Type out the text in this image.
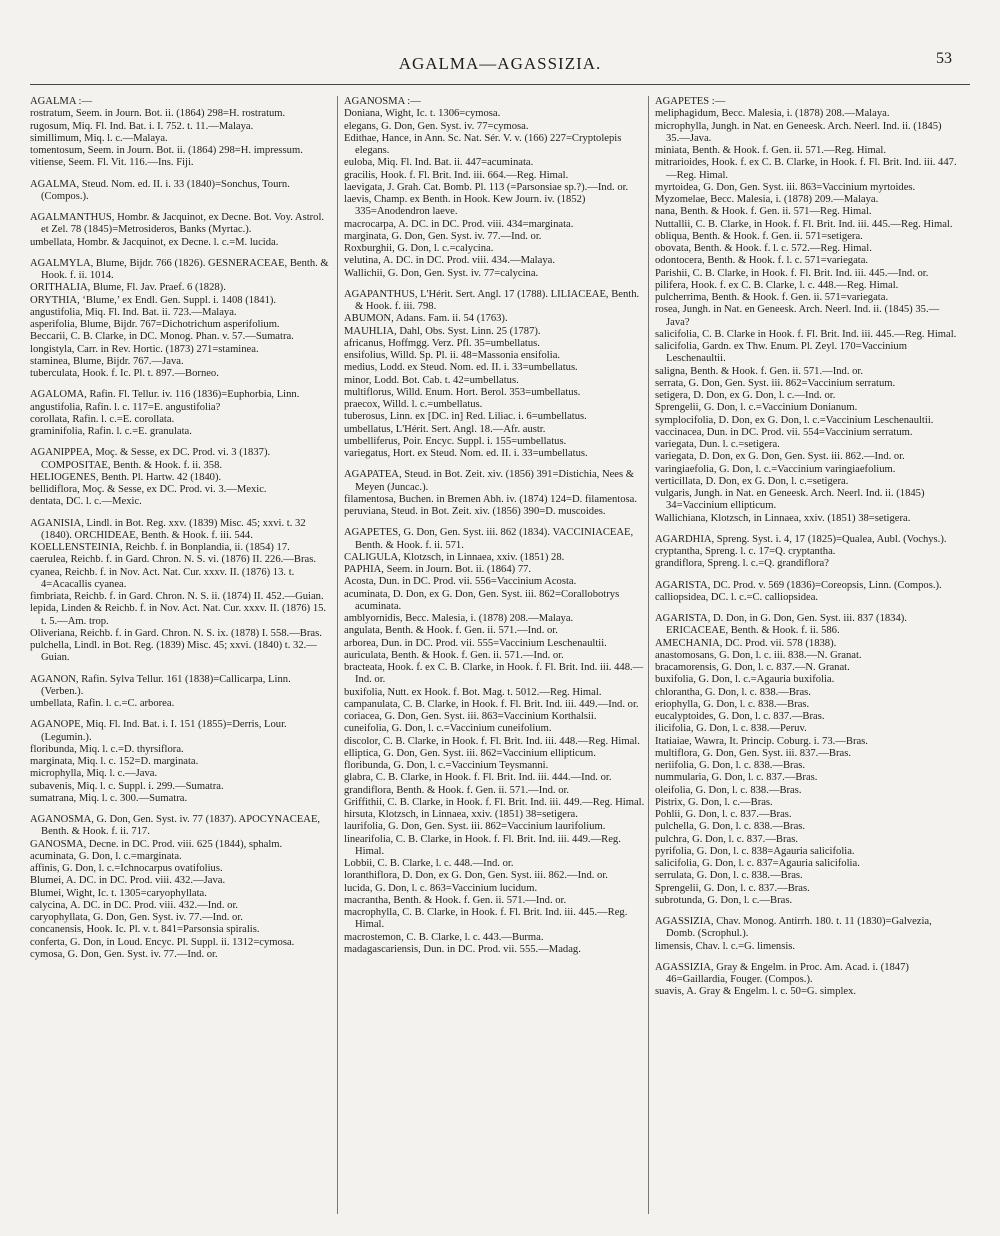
AGALMA—AGASSIZIA.	53
AGALMA :—
rostratum, Seem. in Journ. Bot. ii. (1864) 298=H. rostratum.
rugosum, Miq. Fl. Ind. Bat. i. I. 752. t. 11.—Malaya.
simillimum, Miq. l. c.—Malaya.
tomentosum, Seem. in Journ. Bot. ii. (1864) 298=H. impressum.
vitiense, Seem. Fl. Vit. 116.—Ins. Fiji.
AGALMA, Steud. Nom. ed. II. i. 33 (1840)=Sonchus, Tourn. (Compos.).
AGALMANTHUS, Hombr. & Jacquinot, ex Decne. Bot. Voy. Astrol. et Zel. 78 (1845)=Metrosideros, Banks (Myrtac.).
umbellata, Hombr. & Jacquinot, ex Decne. l. c.=M. lucida.
AGALMYLA, Blume, Bijdr. 766 (1826). GESNERACEAE, Benth. & Hook. f. ii. 1014.
ORITHALIA, Blume, Fl. Jav. Praef. 6 (1828).
ORYTHIA, ‘Blume,’ ex Endl. Gen. Suppl. i. 1408 (1841).
angustifolia, Miq. Fl. Ind. Bat. ii. 723.—Malaya.
asperifolia, Blume, Bijdr. 767=Dichotrichum asperifolium.
Beccarii, C. B. Clarke, in DC. Monog. Phan. v. 57.—Sumatra.
longistyla, Carr. in Rev. Hortic. (1873) 271=staminea.
staminea, Blume, Bijdr. 767.—Java.
tuberculata, Hook. f. Ic. Pl. t. 897.—Borneo.
AGALOMA, Rafin. Fl. Tellur. iv. 116 (1836)=Euphorbia, Linn.
angustifolia, Rafin. l. c. 117=E. angustifolia?
corollata, Rafin. l. c.=E. corollata.
graminifolia, Rafin. l. c.=E. granulata.
AGANIPPEA, Moç. & Sesse, ex DC. Prod. vi. 3 (1837). COMPOSITAE, Benth. & Hook. f. ii. 358.
HELIOGENES, Benth. Pl. Hartw. 42 (1840).
bellidiflora, Moç. & Sesse, ex DC. Prod. vi. 3.—Mexic.
dentata, DC. l. c.—Mexic.
AGANISIA, Lindl. in Bot. Reg. xxv. (1839) Misc. 45; xxvi. t. 32 (1840). ORCHIDEAE, Benth. & Hook. f. iii. 544.
KOELLENSTEINIA, Reichb. f. in Bonplandia, ii. (1854) 17.
caerulea, Reichb. f. in Gard. Chron. N. S. vi. (1876) II. 226.—Bras.
cyanea, Reichb. f. in Nov. Act. Nat. Cur. xxxv. II. (1876) 13. t. 4=Acacallis cyanea.
fimbriata, Reichb. f. in Gard. Chron. N. S. ii. (1874) II. 452.—Guian.
lepida, Linden & Reichb. f. in Nov. Act. Nat. Cur. xxxv. II. (1876) 15. t. 5.—Am. trop.
Oliveriana, Reichb. f. in Gard. Chron. N. S. ix. (1878) I. 558.—Bras.
pulchella, Lindl. in Bot. Reg. (1839) Misc. 45; xxvi. (1840) t. 32.—Guian.
AGANON, Rafin. Sylva Tellur. 161 (1838)=Callicarpa, Linn. (Verben.).
umbellata, Rafin. l. c.=C. arborea.
AGANOPE, Miq. Fl. Ind. Bat. i. I. 151 (1855)=Derris, Lour. (Legumin.).
floribunda, Miq. l. c.=D. thyrsiflora.
marginata, Miq. l. c. 152=D. marginata.
microphylla, Miq. l. c.—Java.
subavenis, Miq. l. c. Suppl. i. 299.—Sumatra.
sumatrana, Miq. l. c. 300.—Sumatra.
AGANOSMA, G. Don, Gen. Syst. iv. 77 (1837). APOCYNACEAE, Benth. & Hook. f. ii. 717.
GANOSMA, Decne. in DC. Prod. viii. 625 (1844), sphalm.
acuminata, G. Don, l. c.=marginata.
affinis, G. Don, l. c.=Ichnocarpus ovatifolius.
Blumei, A. DC. in DC. Prod. viii. 432.—Java.
Blumei, Wight, Ic. t. 1305=caryophyllata.
calycina, A. DC. in DC. Prod. viii. 432.—Ind. or.
caryophyllata, G. Don, Gen. Syst. iv. 77.—Ind. or.
concanensis, Hook. Ic. Pl. v. t. 841=Parsonsia spiralis.
conferta, G. Don, in Loud. Encyc. Pl. Suppl. ii. 1312=cymosa.
cymosa, G. Don, Gen. Syst. iv. 77.—Ind. or.
AGANOSMA :—
Doniana, Wight, Ic. t. 1306=cymosa.
elegans, G. Don, Gen. Syst. iv. 77=cymosa.
Edithae, Hance, in Ann. Sc. Nat. Sér. V. v. (166) 227=Cryptolepis elegans.
euloba, Miq. Fl. Ind. Bat. ii. 447=acuminata.
gracilis, Hook. f. Fl. Brit. Ind. iii. 664.—Reg. Himal.
laevigata, J. Grah. Cat. Bomb. Pl. 113 (=Parsonsiae sp.?).—Ind. or.
laevis, Champ. ex Benth. in Hook. Kew Journ. iv. (1852) 335=Anodendron laeve.
macrocarpa, A. DC. in DC. Prod. viii. 434=marginata.
marginata, G. Don, Gen. Syst. iv. 77.—Ind. or.
Roxburghii, G. Don, l. c.=calycina.
velutina, A. DC. in DC. Prod. viii. 434.—Malaya.
Wallichii, G. Don, Gen. Syst. iv. 77=calycina.
AGAPANTHUS, L'Hérit. Sert. Angl. 17 (1788). LILIACEAE, Benth. & Hook. f. iii. 798.
ABUMON, Adans. Fam. ii. 54 (1763).
MAUHLIA, Dahl, Obs. Syst. Linn. 25 (1787).
africanus, Hoffmgg. Verz. Pfl. 35=umbellatus.
ensifolius, Willd. Sp. Pl. ii. 48=Massonia ensifolia.
medius, Lodd. ex Steud. Nom. ed. II. i. 33=umbellatus.
minor, Lodd. Bot. Cab. t. 42=umbellatus.
multiflorus, Willd. Enum. Hort. Berol. 353=umbellatus.
praecox, Willd. l. c.=umbellatus.
tuberosus, Linn. ex [DC. in] Red. Liliac. i. 6=umbellatus.
umbellatus, L'Hérit. Sert. Angl. 18.—Afr. austr.
umbelliferus, Poir. Encyc. Suppl. i. 155=umbellatus.
variegatus, Hort. ex Steud. Nom. ed. II. i. 33=umbellatus.
AGAPATEA, Steud. in Bot. Zeit. xiv. (1856) 391=Distichia, Nees & Meyen (Juncac.).
filamentosa, Buchen. in Bremen Abh. iv. (1874) 124=D. filamentosa.
peruviana, Steud. in Bot. Zeit. xiv. (1856) 390=D. muscoides.
AGAPETES, G. Don, Gen. Syst. iii. 862 (1834). VACCINIACEAE, Benth. & Hook. f. ii. 571.
CALIGULA, Klotzsch, in Linnaea, xxiv. (1851) 28.
PAPHIA, Seem. in Journ. Bot. ii. (1864) 77.
Acosta, Dun. in DC. Prod. vii. 556=Vaccinium Acosta.
acuminata, D. Don, ex G. Don, Gen. Syst. iii. 862=Corallobotrys acuminata.
amblyornidis, Becc. Malesia, i. (1878) 208.—Malaya.
angulata, Benth. & Hook. f. Gen. ii. 571.—Ind. or.
arborea, Dun. in DC. Prod. vii. 555=Vaccinium Leschenaultii.
auriculata, Benth. & Hook. f. Gen. ii. 571.—Ind. or.
bracteata, Hook. f. ex C. B. Clarke, in Hook. f. Fl. Brit. Ind. iii. 448.—Ind. or.
buxifolia, Nutt. ex Hook. f. Bot. Mag. t. 5012.—Reg. Himal.
campanulata, C. B. Clarke, in Hook. f. Fl. Brit. Ind. iii. 449.—Ind. or.
coriacea, G. Don, Gen. Syst. iii. 863=Vaccinium Korthalsii.
cuneifolia, G. Don, l. c.=Vaccinium cuneifolium.
discolor, C. B. Clarke, in Hook. f. Fl. Brit. Ind. iii. 448.—Reg. Himal.
elliptica, G. Don, Gen. Syst. iii. 862=Vaccinium ellipticum.
floribunda, G. Don, l. c.=Vaccinium Teysmanni.
glabra, C. B. Clarke, in Hook. f. Fl. Brit. Ind. iii. 444.—Ind. or.
grandiflora, Benth. & Hook. f. Gen. ii. 571.—Ind. or.
Griffithii, C. B. Clarke, in Hook. f. Fl. Brit. Ind. iii. 449.—Reg. Himal.
hirsuta, Klotzsch, in Linnaea, xxiv. (1851) 38=setigera.
laurifolia, G. Don, Gen. Syst. iii. 862=Vaccinium laurifolium.
linearifolia, C. B. Clarke, in Hook. f. Fl. Brit. Ind. iii. 449.—Reg. Himal.
Lobbii, C. B. Clarke, l. c. 448.—Ind. or.
loranthiflora, D. Don, ex G. Don, Gen. Syst. iii. 862.—Ind. or.
lucida, G. Don, l. c. 863=Vaccinium lucidum.
macrantha, Benth. & Hook. f. Gen. ii. 571.—Ind. or.
macrophylla, C. B. Clarke, in Hook. f. Fl. Brit. Ind. iii. 445.—Reg. Himal.
macrostemon, C. B. Clarke, l. c. 443.—Burma.
madagascariensis, Dun. in DC. Prod. vii. 555.—Madag.
AGAPETES :—
meliphagidum, Becc. Malesia, i. (1878) 208.—Malaya.
microphylla, Jungh. in Nat. en Geneesk. Arch. Neerl. Ind. ii. (1845) 35.—Java.
miniata, Benth. & Hook. f. Gen. ii. 571.—Reg. Himal.
mitrarioides, Hook. f. ex C. B. Clarke, in Hook. f. Fl. Brit. Ind. iii. 447.—Reg. Himal.
myrtoidea, G. Don, Gen. Syst. iii. 863=Vaccinium myrtoides.
Myzomelae, Becc. Malesia, i. (1878) 209.—Malaya.
nana, Benth. & Hook. f. Gen. ii. 571—Reg. Himal.
Nuttallii, C. B. Clarke, in Hook. f. Fl. Brit. Ind. iii. 445.—Reg. Himal.
obliqua, Benth. & Hook. f. Gen. ii. 571=setigera.
obovata, Benth. & Hook. f. l. c. 572.—Reg. Himal.
odontocera, Benth. & Hook. f. l. c. 571=variegata.
Parishii, C. B. Clarke, in Hook. f. Fl. Brit. Ind. iii. 445.—Ind. or.
pilifera, Hook. f. ex C. B. Clarke, l. c. 448.—Reg. Himal.
pulcherrima, Benth. & Hook. f. Gen. ii. 571=variegata.
rosea, Jungh. in Nat. en Geneesk. Arch. Neerl. Ind. ii. (1845) 35.—Java?
salicifolia, C. B. Clarke in Hook. f. Fl. Brit. Ind. iii. 445.—Reg. Himal.
salicifolia, Gardn. ex Thw. Enum. Pl. Zeyl. 170=Vaccinium Leschenaultii.
saligna, Benth. & Hook. f. Gen. ii. 571.—Ind. or.
serrata, G. Don, Gen. Syst. iii. 862=Vaccinium serratum.
setigera, D. Don, ex G. Don, l. c.—Ind. or.
Sprengelii, G. Don, l. c.=Vaccinium Donianum.
symplocifolia, D. Don, ex G. Don, l. c.=Vaccinium Leschenaultii.
vaccinacea, Dun. in DC. Prod. vii. 554=Vaccinium serratum.
variegata, Dun. l. c.=setigera.
variegata, D. Don, ex G. Don, Gen. Syst. iii. 862.—Ind. or.
varingiaefolia, G. Don, l. c.=Vaccinium varingiaefolium.
verticillata, D. Don, ex G. Don, l. c.=setigera.
vulgaris, Jungh. in Nat. en Geneesk. Arch. Neerl. Ind. ii. (1845) 34=Vaccinium ellipticum.
Wallichiana, Klotzsch, in Linnaea, xxiv. (1851) 38=setigera.
AGARDHIA, Spreng. Syst. i. 4, 17 (1825)=Qualea, Aubl. (Vochys.).
cryptantha, Spreng. l. c. 17=Q. cryptantha.
grandiflora, Spreng. l. c.=Q. grandiflora?
AGARISTA, DC. Prod. v. 569 (1836)=Coreopsis, Linn. (Compos.).
calliopsidea, DC. l. c.=C. calliopsidea.
AGARISTA, D. Don, in G. Don, Gen. Syst. iii. 837 (1834). ERICACEAE, Benth. & Hook. f. ii. 586.
AMECHANIA, DC. Prod. vii. 578 (1838).
anastomosans, G. Don, l. c. iii. 838.—N. Granat.
bracamorensis, G. Don, l. c. 837.—N. Granat.
buxifolia, G. Don, l. c.=Agauria buxifolia.
chlorantha, G. Don, l. c. 838.—Bras.
eriophylla, G. Don, l. c. 838.—Bras.
eucalyptoides, G. Don, l. c. 837.—Bras.
ilicifolia, G. Don, l. c. 838.—Peruv.
Itatiaiae, Wawra, It. Princip. Coburg. i. 73.—Bras.
multiflora, G. Don, Gen. Syst. iii. 837.—Bras.
neriifolia, G. Don, l. c. 838.—Bras.
nummularia, G. Don, l. c. 837.—Bras.
oleifolia, G. Don, l. c. 838.—Bras.
Pistrix, G. Don, l. c.—Bras.
Pohlii, G. Don, l. c. 837.—Bras.
pulchella, G. Don, l. c. 838.—Bras.
pulchra, G. Don, l. c. 837.—Bras.
pyrifolia, G. Don, l. c. 838=Agauria salicifolia.
salicifolia, G. Don, l. c. 837=Agauria salicifolia.
serrulata, G. Don, l. c. 838.—Bras.
Sprengelii, G. Don, l. c. 837.—Bras.
subrotunda, G. Don, l. c.—Bras.
AGASSIZIA, Chav. Monog. Antirrh. 180. t. 11 (1830)=Galvezia, Domb. (Scrophul.).
limensis, Chav. l. c.=G. limensis.
AGASSIZIA, Gray & Engelm. in Proc. Am. Acad. i. (1847) 46=Gaillardia, Fouger. (Compos.).
suavis, A. Gray & Engelm. l. c. 50=G. simplex.
